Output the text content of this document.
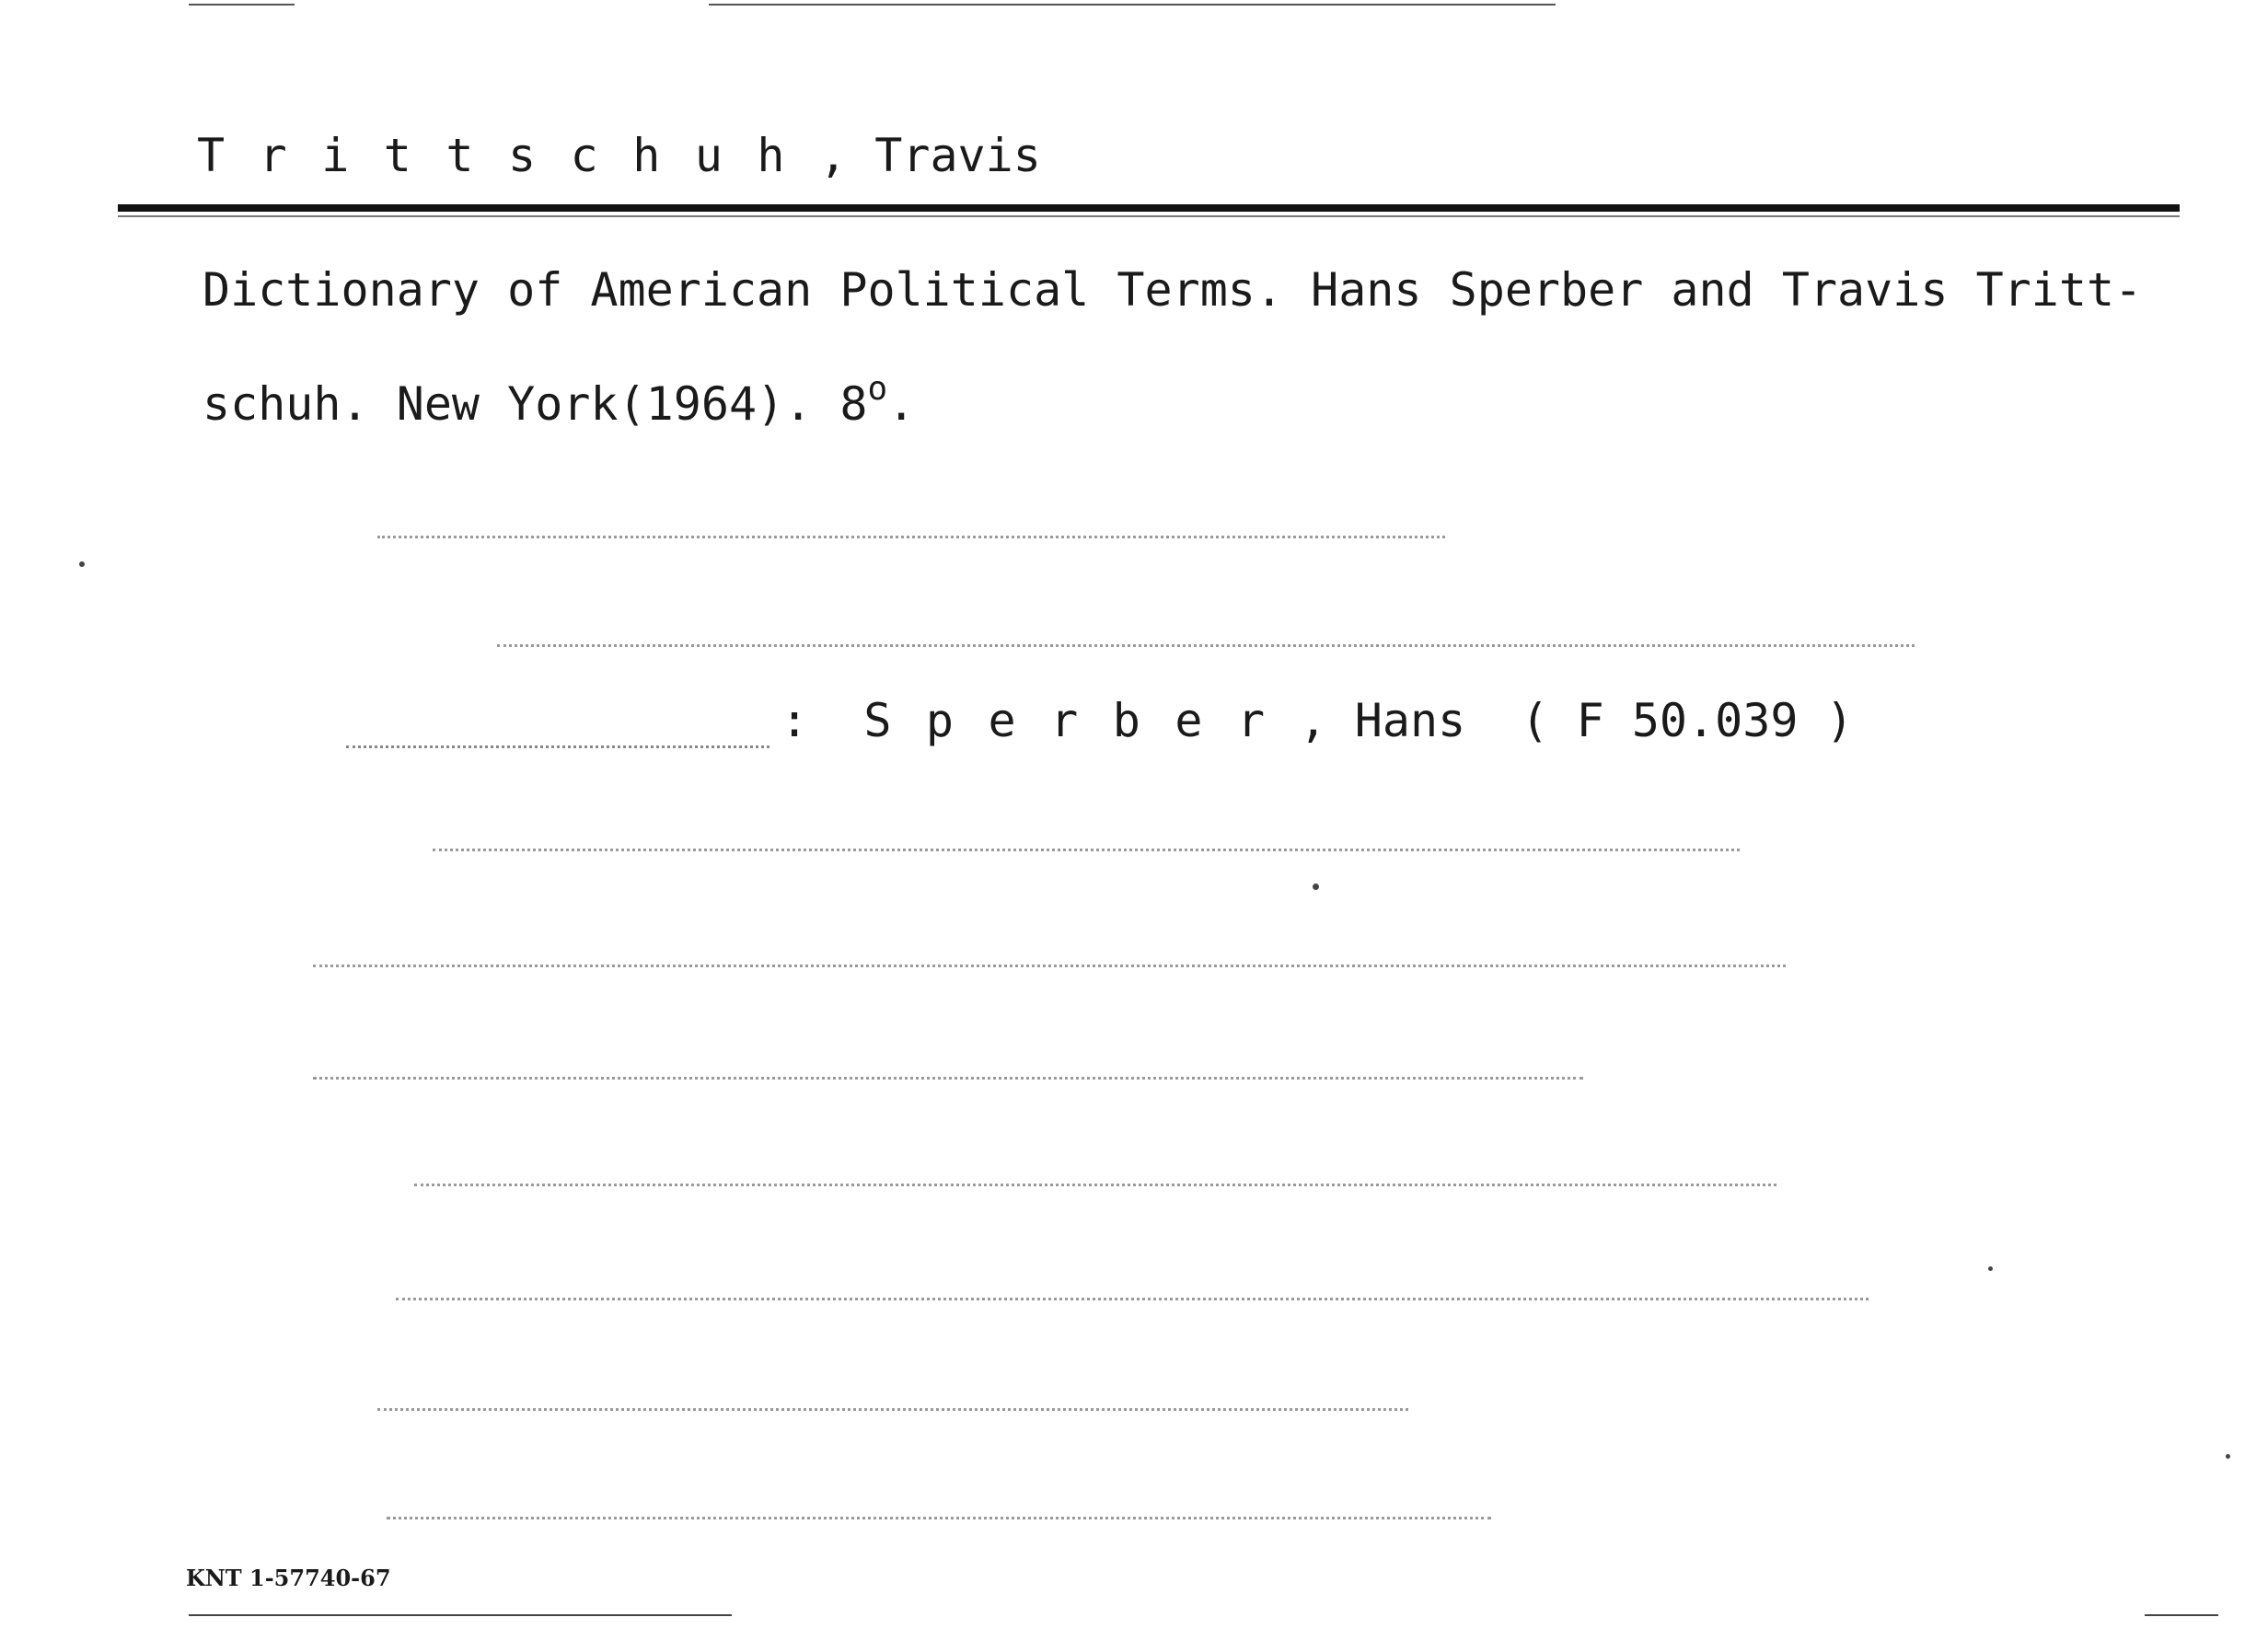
Trittschuh, Travis
Dictionary of American Political Terms. Hans Sperber and Travis Tritt-
schuh. New York(1964). 8$^o$.
: Sperber, Hans ( F 50.039 )
KNT 1-57740-67
